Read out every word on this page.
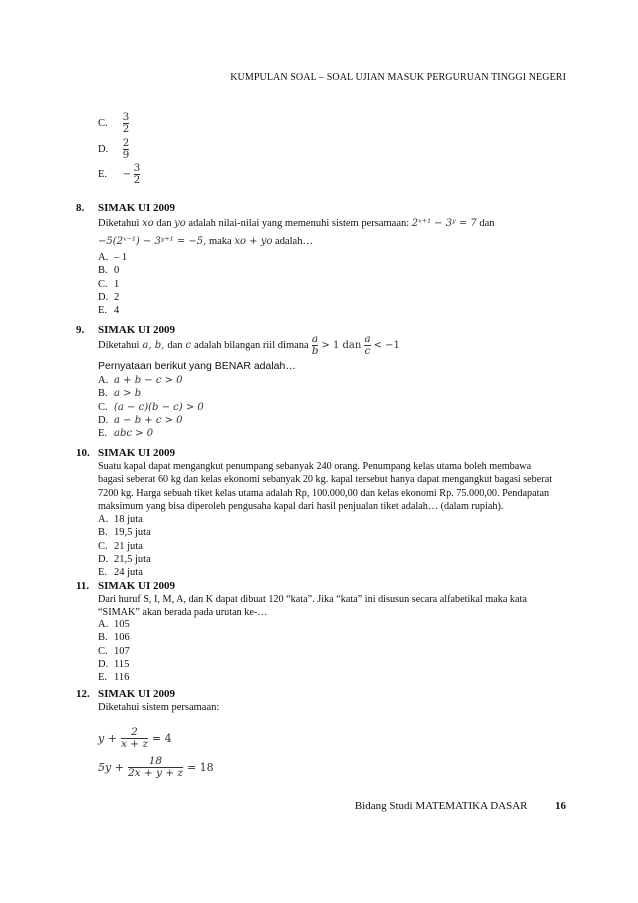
KUMPULAN SOAL – SOAL UJIAN MASUK PERGURUAN TINGGI NEGERI
C. $\frac{3}{2}$
D. $\frac{2}{9}$
E. − $\frac{3}{2}$
8. SIMAK UI 2009
Diketahui xo dan yo adalah nilai-nilai yang memenuhi sistem persamaan: 2ˣ⁺¹ − 3ʸ = 7 dan
−5(2ˣ⁻¹) − 3ʸ⁺¹ = −5, maka xo + yo adalah…
A. – 1
B. 0
C. 1
D. 2
E. 4
9. SIMAK UI 2009
Diketahui a, b, dan c adalah bilangan riil dimana $\frac{a}{b} > 1$ dan $\frac{a}{c} < -1$
Pernyataan berikut yang BENAR adalah…
A. a + b − c > 0
B. a > b
C. (a − c)(b − c) > 0
D. a − b + c > 0
E. abc > 0
10. SIMAK UI 2009
Suatu kapal dapat mengangkut penumpang sebanyak 240 orang. Penumpang kelas utama boleh membawa
bagasi seberat 60 kg dan kelas ekonomi sebanyak 20 kg. kapal tersebut hanya dapat mengangkut bagasi seberat
7200 kg. Harga sebuah tiket kelas utama adalah Rp, 100.000,00 dan kelas ekonomi Rp. 75.000,00. Pendapatan
maksimum yang bisa diperoleh pengusaha kapal dari hasil penjualan tiket adalah… (dalam rupiah).
A. 18 juta
B. 19,5 juta
C. 21 juta
D. 21,5 juta
E. 24 juta
11. SIMAK UI 2009
Dari huruf S, I, M, A, dan K dapat dibuat 120 “kata”. Jika “kata” ini disusun secara alfabetikal maka kata
“SIMAK” akan berada pada urutan ke-…
A. 105
B. 106
C. 107
D. 115
E. 116
12. SIMAK UI 2009
Diketahui sistem persamaan:
$y + \frac{2}{x + z} = 4$
$5y + \frac{18}{2x + y + z} = 18$
Bidang Studi MATEMATIKA DASAR	16
